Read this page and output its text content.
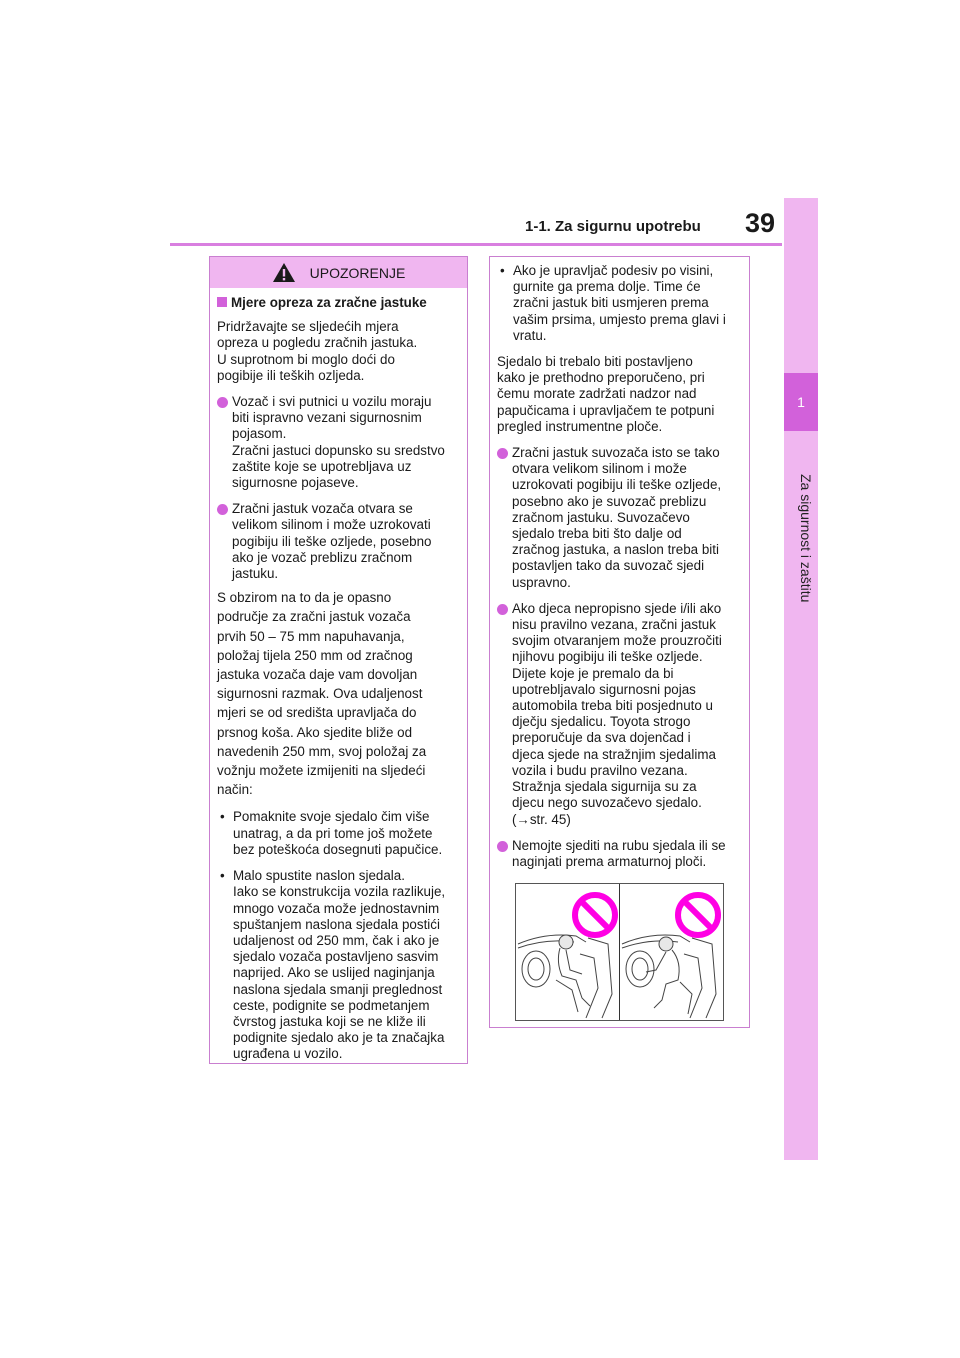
1-1. Za sigurnu upotrebu 39
1
Za sigurnost i zaštitu
UPOZORENJE
Mjere opreza za zračne jastuke
Pridržavajte se sljedećih mjera
opreza u pogledu zračnih jastuka.
U suprotnom bi moglo doći do
pogibije ili teških ozljeda.
Vozač i svi putnici u vozilu moraju
biti ispravno vezani sigurnosnim
pojasom.
Zračni jastuci dopunsko su sredstvo
zaštite koje se upotrebljava uz
sigurnosne pojaseve.
Zračni jastuk vozača otvara se
velikom silinom i može uzrokovati
pogibiju ili teške ozljede, posebno
ako je vozač preblizu zračnom
jastuku.
S obzirom na to da je opasno
područje za zračni jastuk vozača
prvih 50 – 75 mm napuhavanja,
položaj tijela 250 mm od zračnog
jastuka vozača daje vam dovoljan
sigurnosni razmak. Ova udaljenost
mjeri se od središta upravljača do
prsnog koša. Ako sjedite bliže od
navedenih 250 mm, svoj položaj za
vožnju možete izmijeniti na sljedeći
način:
• Pomaknite svoje sjedalo čim više
unatrag, a da pri tome još možete
bez poteškoća dosegnuti papučice.
• Malo spustite naslon sjedala.
Iako se konstrukcija vozila razlikuje,
mnogo vozača može jednostavnim
spuštanjem naslona sjedala postići
udaljenost od 250 mm, čak i ako je
sjedalo vozača postavljeno sasvim
naprijed. Ako se uslijed naginjanja
naslona sjedala smanji preglednost
ceste, podignite se podmetanjem
čvrstog jastuka koji se ne kliže ili
podignite sjedalo ako je ta značajka
ugrađena u vozilo.
• Ako je upravljač podesiv po visini,
gurnite ga prema dolje. Time će
zračni jastuk biti usmjeren prema
vašim prsima, umjesto prema glavi i
vratu.
Sjedalo bi trebalo biti postavljeno
kako je prethodno preporučeno, pri
čemu morate zadržati nadzor nad
papučicama i upravljačem te potpuni
pregled instrumentne ploče.
Zračni jastuk suvozača isto se tako
otvara velikom silinom i može
uzrokovati pogibiju ili teške ozljede,
posebno ako je suvozač preblizu
zračnom jastuku. Suvozačevo
sjedalo treba biti što dalje od
zračnog jastuka, a naslon treba biti
postavljen tako da suvozač sjedi
uspravno.
Ako djeca nepropisno sjede i/ili ako
nisu pravilno vezana, zračni jastuk
svojim otvaranjem može prouzročiti
njihovu pogibiju ili teške ozljede.
Dijete koje je premalo da bi
upotrebljavalo sigurnosni pojas
automobila treba biti posjednuto u
dječju sjedalicu. Toyota strogo
preporučuje da sva dojenčad i
djeca sjede na stražnjim sjedalima
vozila i budu pravilno vezana.
Stražnja sjedala sigurnija su za
djecu nego suvozačevo sjedalo.
(→str. 45)
Nemojte sjediti na rubu sjedala ili se
naginjati prema armaturnoj ploči.
